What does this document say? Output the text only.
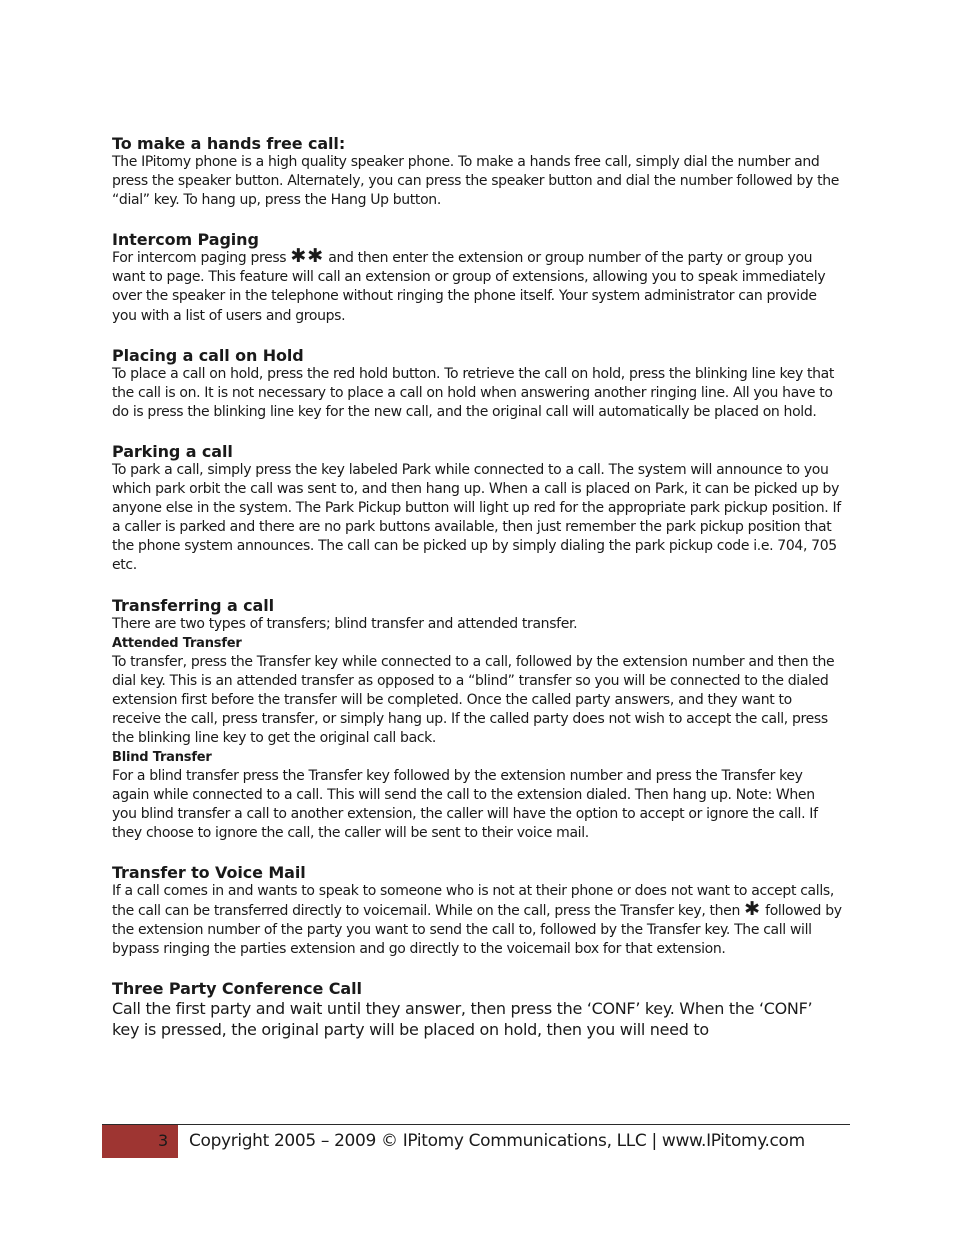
To make a hands free call:

The IPitomy phone is a high quality speaker phone. To make a hands free call, simply dial the number and press the speaker button. Alternately, you can press the speaker button and dial the number followed by the “dial” key. To hang up, press the Hang Up button.

Intercom Paging

For intercom paging press ✱✱ and then enter the extension or group number of the party or group you want to page. This feature will call an extension or group of extensions, allowing you to speak immediately over the speaker in the telephone without ringing the phone itself. Your system administrator can provide you with a list of users and groups.

Placing a call on Hold

To place a call on hold, press the red hold button. To retrieve the call on hold, press the blinking line key that the call is on. It is not necessary to place a call on hold when answering another ringing line. All you have to do is press the blinking line key for the new call, and the original call will automatically be placed on hold.

Parking a call

To park a call, simply press the key labeled Park while connected to a call. The system will announce to you which park orbit the call was sent to, and then hang up. When a call is placed on Park, it can be picked up by anyone else in the system. The Park Pickup button will light up red for the appropriate park pickup position. If a caller is parked and there are no park buttons available, then just remember the park pickup position that the phone system announces. The call can be picked up by simply dialing the park pickup code i.e. 704, 705 etc.

Transferring a call

There are two types of transfers; blind transfer and attended transfer.

Attended Transfer

To transfer, press the Transfer key while connected to a call, followed by the extension number and then the dial key. This is an attended transfer as opposed to a “blind” transfer so you will be connected to the dialed extension first before the transfer will be completed. Once the called party answers, and they want to receive the call, press transfer, or simply hang up. If the called party does not wish to accept the call, press the blinking line key to get the original call back.

Blind Transfer

For a blind transfer press the Transfer key followed by the extension number and press the Transfer key again while connected to a call. This will send the call to the extension dialed. Then hang up. Note: When you blind transfer a call to another extension, the caller will have the option to accept or ignore the call. If they choose to ignore the call, the caller will be sent to their voice mail.

Transfer to Voice Mail

If a call comes in and wants to speak to someone who is not at their phone or does not want to accept calls, the call can be transferred directly to voicemail. While on the call, press the Transfer key, then ✱ followed by the extension number of the party you want to send the call to, followed by the Transfer key. The call will bypass ringing the parties extension and go directly to the voicemail box for that extension.

Three Party Conference Call

Call the first party and wait until they answer, then press the ‘CONF’ key. When the ‘CONF’ key is pressed, the original party will be placed on hold, then you will need to

3 Copyright 2005 – 2009 © IPitomy Communications, LLC | www.IPitomy.com
